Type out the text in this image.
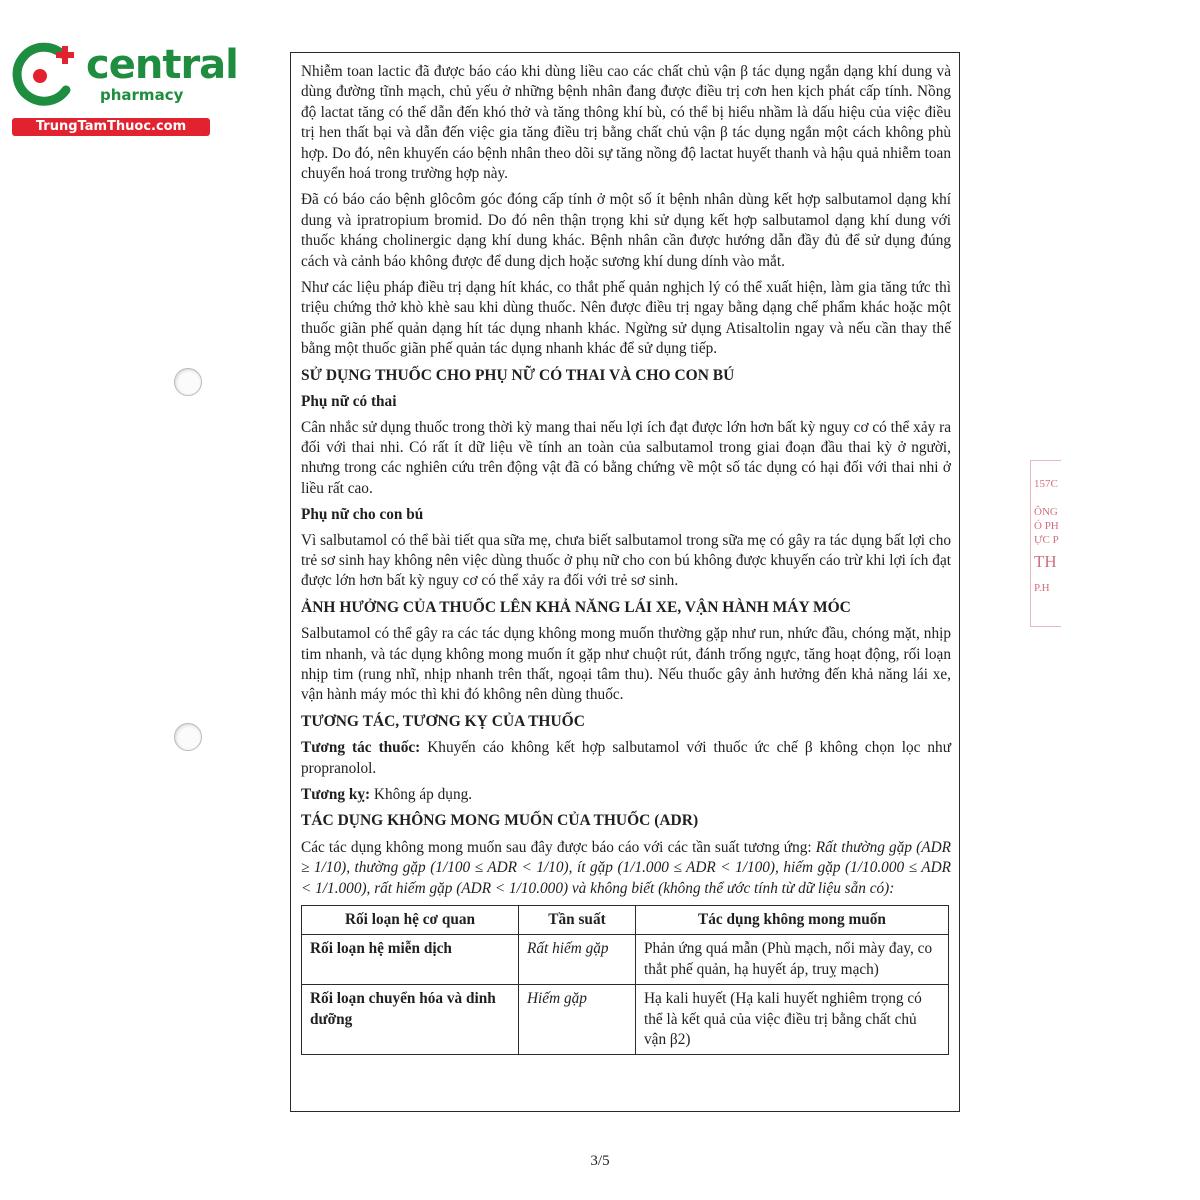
central
pharmacy
TrungTamThuoc.com
157C
ÔNG
Ó PH
ỰC P
TH
P.H

Nhiễm toan lactic đã được báo cáo khi dùng liều cao các chất chủ vận β tác dụng ngắn dạng khí dung và dùng đường tĩnh mạch, chủ yếu ở những bệnh nhân đang được điều trị cơn hen kịch phát cấp tính. Nồng độ lactat tăng có thể dẫn đến khó thở và tăng thông khí bù, có thể bị hiểu nhầm là dấu hiệu của việc điều trị hen thất bại và dẫn đến việc gia tăng điều trị bằng chất chủ vận β tác dụng ngắn một cách không phù hợp. Do đó, nên khuyến cáo bệnh nhân theo dõi sự tăng nồng độ lactat huyết thanh và hậu quả nhiễm toan chuyển hoá trong trường hợp này.

Đã có báo cáo bệnh glôcôm góc đóng cấp tính ở một số ít bệnh nhân dùng kết hợp salbutamol dạng khí dung và ipratropium bromid. Do đó nên thận trọng khi sử dụng kết hợp salbutamol dạng khí dung với thuốc kháng cholinergic dạng khí dung khác. Bệnh nhân cần được hướng dẫn đầy đủ để sử dụng đúng cách và cảnh báo không được để dung dịch hoặc sương khí dung dính vào mắt.

Như các liệu pháp điều trị dạng hít khác, co thắt phế quản nghịch lý có thể xuất hiện, làm gia tăng tức thì triệu chứng thở khò khè sau khi dùng thuốc. Nên được điều trị ngay bằng dạng chế phẩm khác hoặc một thuốc giãn phế quản dạng hít tác dụng nhanh khác. Ngừng sử dụng Atisaltolin ngay và nếu cần thay thế bằng một thuốc giãn phế quản tác dụng nhanh khác để sử dụng tiếp.

SỬ DỤNG THUỐC CHO PHỤ NỮ CÓ THAI VÀ CHO CON BÚ
Phụ nữ có thai

Cân nhắc sử dụng thuốc trong thời kỳ mang thai nếu lợi ích đạt được lớn hơn bất kỳ nguy cơ có thể xảy ra đối với thai nhi. Có rất ít dữ liệu về tính an toàn của salbutamol trong giai đoạn đầu thai kỳ ở người, nhưng trong các nghiên cứu trên động vật đã có bằng chứng về một số tác dụng có hại đối với thai nhi ở liều rất cao.

Phụ nữ cho con bú

Vì salbutamol có thể bài tiết qua sữa mẹ, chưa biết salbutamol trong sữa mẹ có gây ra tác dụng bất lợi cho trẻ sơ sinh hay không nên việc dùng thuốc ở phụ nữ cho con bú không được khuyến cáo trừ khi lợi ích đạt được lớn hơn bất kỳ nguy cơ có thể xảy ra đối với trẻ sơ sinh.

ẢNH HƯỞNG CỦA THUỐC LÊN KHẢ NĂNG LÁI XE, VẬN HÀNH MÁY MÓC

Salbutamol có thể gây ra các tác dụng không mong muốn thường gặp như run, nhức đầu, chóng mặt, nhịp tim nhanh, và tác dụng không mong muốn ít gặp như chuột rút, đánh trống ngực, tăng hoạt động, rối loạn nhịp tim (rung nhĩ, nhịp nhanh trên thất, ngoại tâm thu). Nếu thuốc gây ảnh hưởng đến khả năng lái xe, vận hành máy móc thì khi đó không nên dùng thuốc.

TƯƠNG TÁC, TƯƠNG KỴ CỦA THUỐC

Tương tác thuốc: Khuyến cáo không kết hợp salbutamol với thuốc ức chế β không chọn lọc như propranolol.

Tương kỵ: Không áp dụng.

TÁC DỤNG KHÔNG MONG MUỐN CỦA THUỐC (ADR)

Các tác dụng không mong muốn sau đây được báo cáo với các tần suất tương ứng: Rất thường gặp (ADR ≥ 1/10), thường gặp (1/100 ≤ ADR < 1/10), ít gặp (1/1.000 ≤ ADR < 1/100), hiếm gặp (1/10.000 ≤ ADR < 1/1.000), rất hiếm gặp (ADR < 1/10.000) và không biết (không thể ước tính từ dữ liệu sẵn có):

Rối loạn hệ cơ quan	Tần suất	Tác dụng không mong muốn
Rối loạn hệ miễn dịch	Rất hiếm gặp	Phản ứng quá mẫn (Phù mạch, nổi mày đay, co thắt phế quản, hạ huyết áp, truỵ mạch)
Rối loạn chuyển hóa và dinh dưỡng	Hiếm gặp	Hạ kali huyết (Hạ kali huyết nghiêm trọng có thể là kết quả của việc điều trị bằng chất chủ vận β2)
3/5
